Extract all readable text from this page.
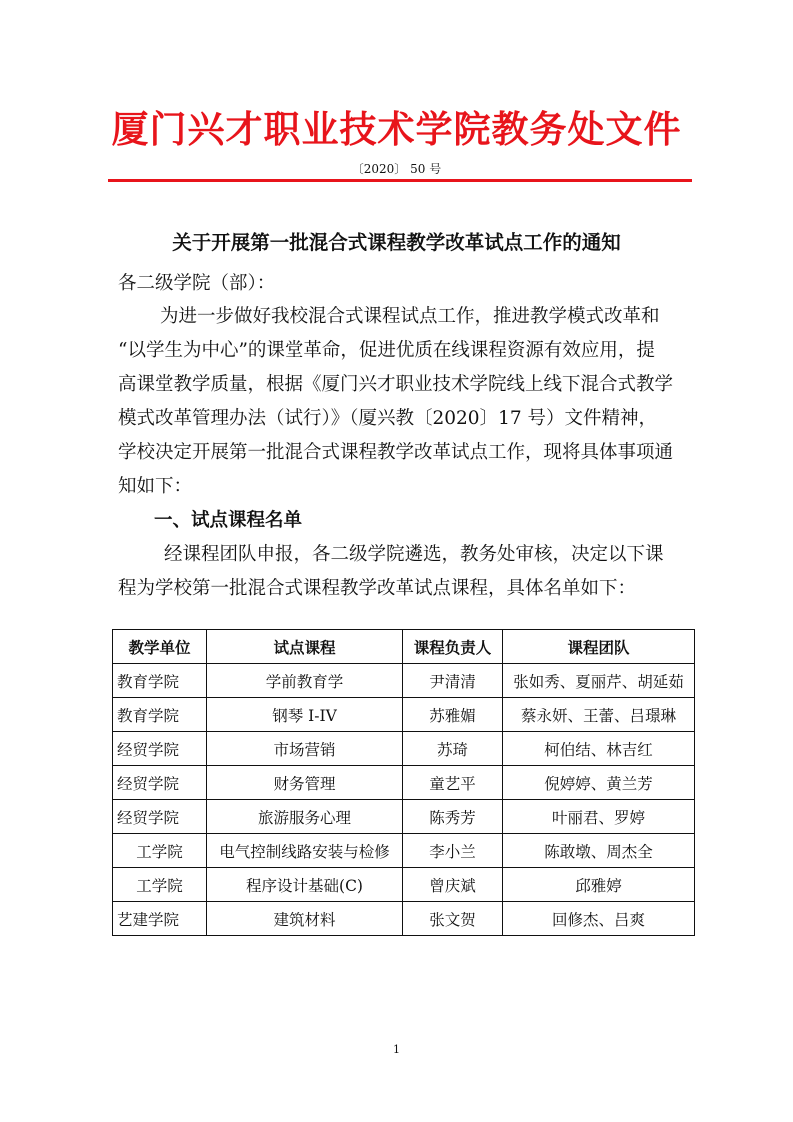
厦门兴才职业技术学院教务处文件
〔2020〕 50 号
关于开展第一批混合式课程教学改革试点工作的通知
各二级学院（部）：
为进一步做好我校混合式课程试点工作，推进教学模式改革和
“以学生为中心”的课堂革命，促进优质在线课程资源有效应用，提
高课堂教学质量，根据《厦门兴才职业技术学院线上线下混合式教学
模式改革管理办法（试行）》（厦兴教〔2020〕17 号）文件精神，
学校决定开展第一批混合式课程教学改革试点工作，现将具体事项通
知如下：
一、试点课程名单
经课程团队申报，各二级学院遴选，教务处审核，决定以下课
程为学校第一批混合式课程教学改革试点课程，具体名单如下：
教学单位	试点课程	课程负责人	课程团队
教育学院	学前教育学	尹清清	张如秀、夏丽芹、胡延茹
教育学院	钢琴 I-IV	苏雅媚	蔡永妍、王蕾、吕璟琳
经贸学院	市场营销	苏琦	柯伯结、林吉红
经贸学院	财务管理	童艺平	倪婷婷、黄兰芳
经贸学院	旅游服务心理	陈秀芳	叶丽君、罗婷
工学院	电气控制线路安装与检修	李小兰	陈敢墩、周杰全
工学院	程序设计基础(C)	曾庆斌	邱雅婷
艺建学院	建筑材料	张文贺	回修杰、吕爽
1
